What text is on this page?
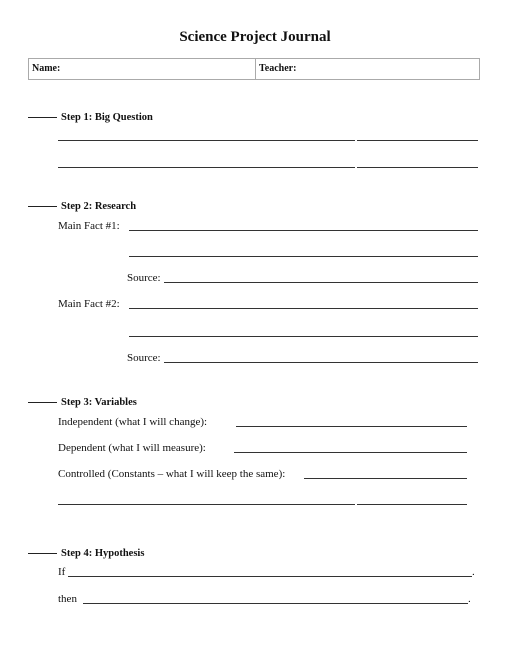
Science Project Journal
Name:	Teacher:
Step 1: Big Question
Step 2: Research
Main Fact #1:
Source:
Main Fact #2:
Source:
Step 3: Variables
Independent (what I will change):
Dependent (what I will measure):
Controlled (Constants – what I will keep the same):
Step 4: Hypothesis
If	.
then	.
